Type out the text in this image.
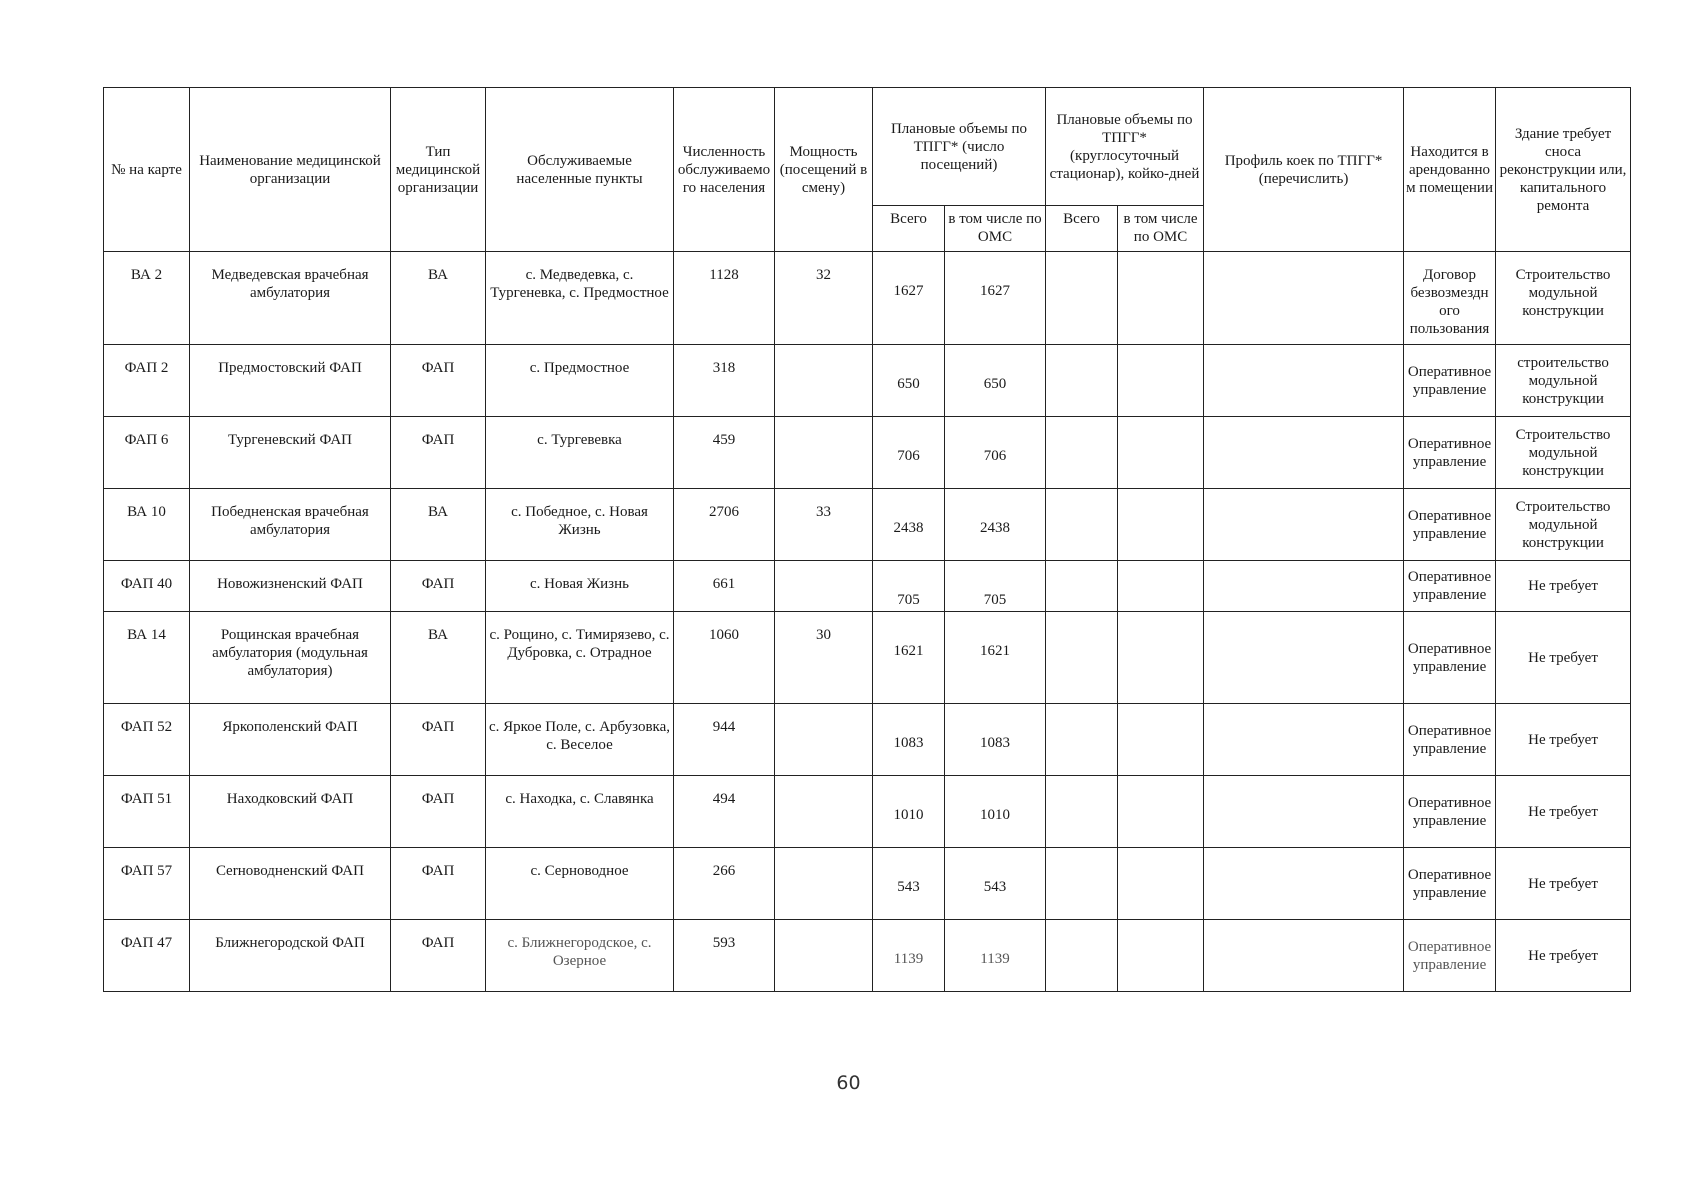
№ на карте	Наименование медицинской организации	Тип медицинской организации	Обслуживаемые населенные пункты	Численность обслуживаемого населения	Мощность (посещений в смену)	Плановые объемы по ТПГГ* (число посещений)		Плановые объемы по ТПГГ* (круглосуточный стационар), койко-дней		Профиль коек по ТПГГ* (перечислить)	Находится в арендованном помещении	Здание требует сноса реконструкции или, капитального ремонта
						Всего	в том числе по ОМС	Всего	в том числе по ОМС			
ВА 2	Медведевская врачебная амбулатория	ВА	с. Медведевка, с. Тургеневка, с. Предмостное	1128	32	1627	1627				Договор безвозмездного пользования	Строительство модульной конструкции
ФАП 2	Предмостовский ФАП	ФАП	с. Предмостное	318		650	650				Оперативное управление	строительство модульной конструкции
ФАП 6	Тургеневский ФАП	ФАП	с. Тургевевка	459		706	706				Оперативное управление	Строительство модульной конструкции
ВА 10	Победненская врачебная амбулатория	ВА	с. Победное, с. Новая Жизнь	2706	33	2438	2438				Оперативное управление	Строительство модульной конструкции
ФАП 40	Новожизненский ФАП	ФАП	с. Новая Жизнь	661		705	705				Оперативное управление	Не требует
ВА 14	Рощинская врачебная амбулатория (модульная амбулатория)	ВА	с. Рощино, с. Тимирязево, с. Дубровка, с. Отрадное	1060	30	1621	1621				Оперативное управление	Не требует
ФАП 52	Яркополенский ФАП	ФАП	с. Яркое Поле, с. Арбузовка, с. Веселое	944		1083	1083				Оперативное управление	Не требует
ФАП 51	Находковский ФАП	ФАП	с. Находка, с. Славянка	494		1010	1010				Оперативное управление	Не требует
ФАП 57	Сerноводненский ФАП	ФАП	с. Серноводное	266		543	543				Оперативное управление	Не требует
ФАП 47	Ближнегородской ФАП	ФАП	с. Ближнегородское, с. Озерное	593		1139	1139				Оперативное управление	Не требует
60
